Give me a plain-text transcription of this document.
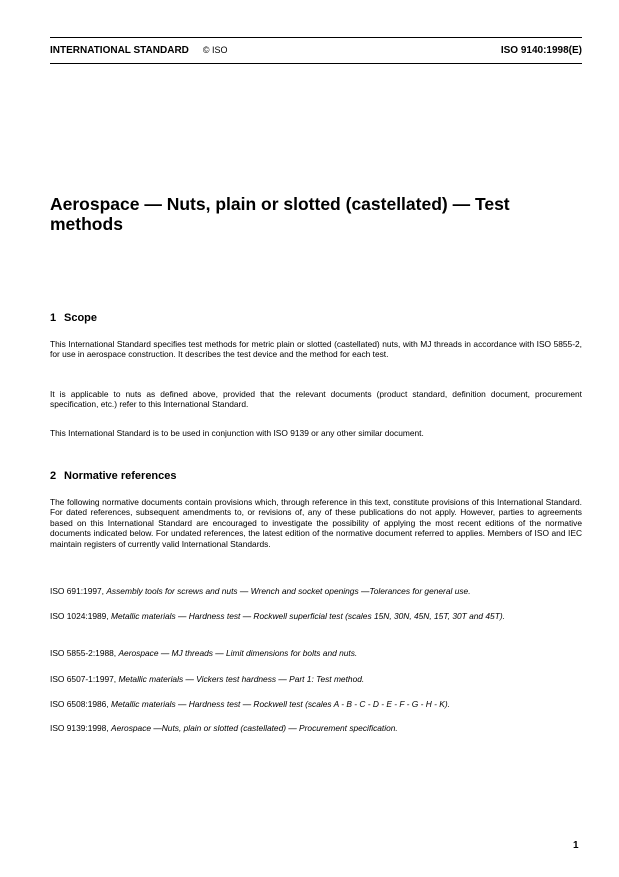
INTERNATIONAL STANDARD © ISO	ISO 9140:1998(E)
Aerospace — Nuts, plain or slotted (castellated) — Test methods
1 Scope

This International Standard specifies test methods for metric plain or slotted (castellated) nuts, with MJ threads in accordance with ISO 5855-2, for use in aerospace construction. It describes the test device and the method for each test.

It is applicable to nuts as defined above, provided that the relevant documents (product standard, definition document, procurement specification, etc.) refer to this International Standard.

This International Standard is to be used in conjunction with ISO 9139 or any other similar document.

2 Normative references

The following normative documents contain provisions which, through reference in this text, constitute provisions of this International Standard. For dated references, subsequent amendments to, or revisions of, any of these publications do not apply. However, parties to agreements based on this International Standard are encouraged to investigate the possibility of applying the most recent editions of the normative documents indicated below. For undated references, the latest edition of the normative document referred to applies. Members of ISO and IEC maintain registers of currently valid International Standards.

ISO 691:1997, Assembly tools for screws and nuts — Wrench and socket openings —Tolerances for general use.

ISO 1024:1989, Metallic materials — Hardness test — Rockwell superficial test (scales 15N, 30N, 45N, 15T, 30T and 45T).

ISO 5855-2:1988, Aerospace — MJ threads — Limit dimensions for bolts and nuts.

ISO 6507-1:1997, Metallic materials — Vickers test hardness — Part 1: Test method.

ISO 6508:1986, Metallic materials — Hardness test — Rockwell test (scales A - B - C - D - E - F - G - H - K).

ISO 9139:1998, Aerospace —Nuts, plain or slotted (castellated) — Procurement specification.

1
